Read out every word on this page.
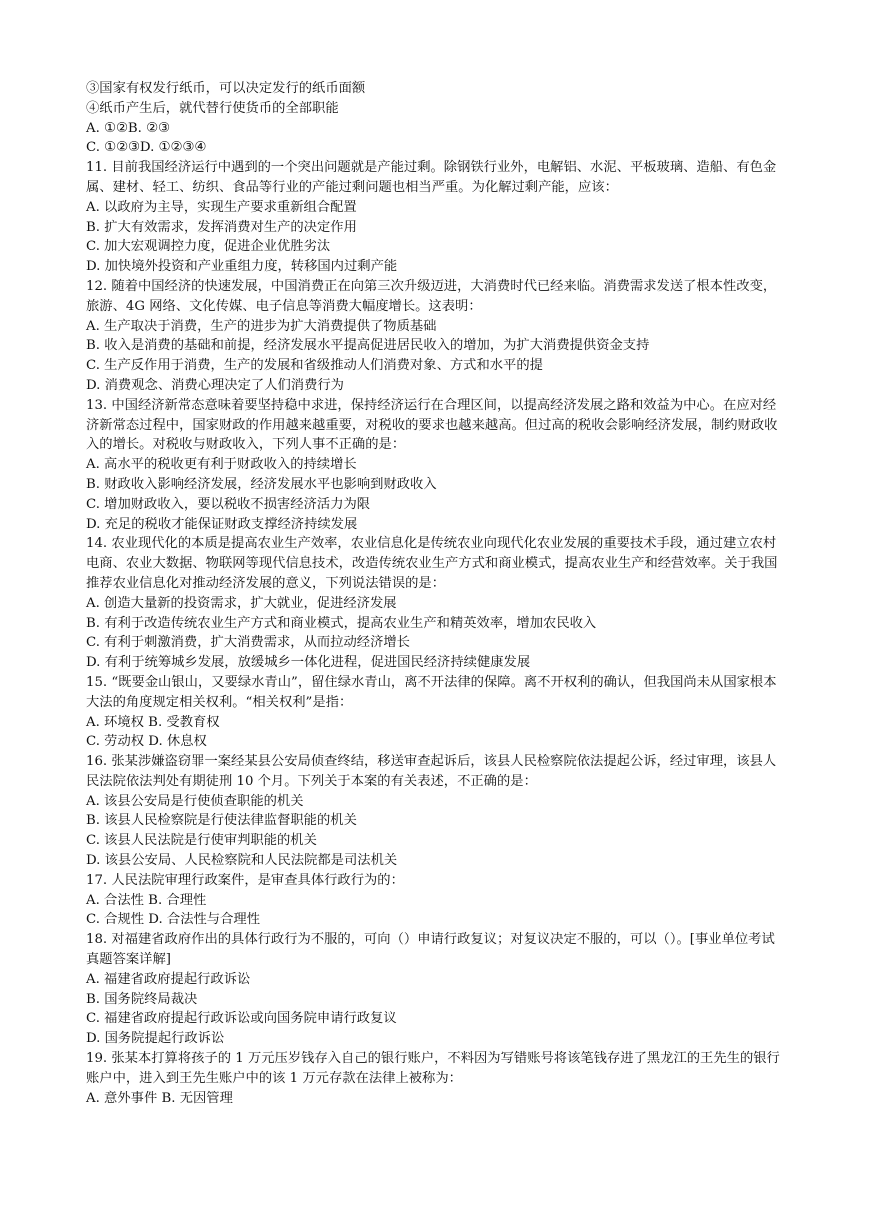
③国家有权发行纸币，可以决定发行的纸币面额
④纸币产生后，就代替行使货币的全部职能
A. ①②B. ②③
C. ①②③D. ①②③④
11. 目前我国经济运行中遇到的一个突出问题就是产能过剩。除钢铁行业外，电解铝、水泥、平板玻璃、造船、有色金属、建材、轻工、纺织、食品等行业的产能过剩问题也相当严重。为化解过剩产能，应该：
A. 以政府为主导，实现生产要求重新组合配置
B. 扩大有效需求，发挥消费对生产的决定作用
C. 加大宏观调控力度，促进企业优胜劣汰
D. 加快境外投资和产业重组力度，转移国内过剩产能
12. 随着中国经济的快速发展，中国消费正在向第三次升级迈进，大消费时代已经来临。消费需求发送了根本性改变，旅游、4G 网络、文化传媒、电子信息等消费大幅度增长。这表明：
A. 生产取决于消费，生产的进步为扩大消费提供了物质基础
B. 收入是消费的基础和前提，经济发展水平提高促进居民收入的增加，为扩大消费提供资金支持
C. 生产反作用于消费，生产的发展和省级推动人们消费对象、方式和水平的提
D. 消费观念、消费心理决定了人们消费行为
13. 中国经济新常态意味着要坚持稳中求进，保持经济运行在合理区间，以提高经济发展之路和效益为中心。在应对经济新常态过程中，国家财政的作用越来越重要，对税收的要求也越来越高。但过高的税收会影响经济发展，制约财政收入的增长。对税收与财政收入，下列人事不正确的是：
A. 高水平的税收更有利于财政收入的持续增长
B. 财政收入影响经济发展，经济发展水平也影响到财政收入
C. 增加财政收入，要以税收不损害经济活力为限
D. 充足的税收才能保证财政支撑经济持续发展
14. 农业现代化的本质是提高农业生产效率，农业信息化是传统农业向现代化农业发展的重要技术手段，通过建立农村电商、农业大数据、物联网等现代信息技术，改造传统农业生产方式和商业模式，提高农业生产和经营效率。关于我国推荐农业信息化对推动经济发展的意义，下列说法错误的是：
A. 创造大量新的投资需求，扩大就业，促进经济发展
B. 有利于改造传统农业生产方式和商业模式，提高农业生产和精英效率，增加农民收入
C. 有利于刺激消费，扩大消费需求，从而拉动经济增长
D. 有利于统筹城乡发展，放缓城乡一体化进程，促进国民经济持续健康发展
15. “既要金山银山，又要绿水青山”，留住绿水青山，离不开法律的保障。离不开权利的确认，但我国尚未从国家根本大法的角度规定相关权利。“相关权利”是指：
A. 环境权 B. 受教育权
C. 劳动权 D. 休息权
16. 张某涉嫌盗窃罪一案经某县公安局侦查终结，移送审查起诉后，该县人民检察院依法提起公诉，经过审理，该县人民法院依法判处有期徒刑 10 个月。下列关于本案的有关表述，不正确的是：
A. 该县公安局是行使侦查职能的机关
B. 该县人民检察院是行使法律监督职能的机关
C. 该县人民法院是行使审判职能的机关
D. 该县公安局、人民检察院和人民法院都是司法机关
17. 人民法院审理行政案件，是审查具体行政行为的：
A. 合法性 B. 合理性
C. 合规性 D. 合法性与合理性
18. 对福建省政府作出的具体行政行为不服的，可向（）申请行政复议；对复议决定不服的，可以（）。[事业单位考试真题答案详解]
A. 福建省政府提起行政诉讼
B. 国务院终局裁决
C. 福建省政府提起行政诉讼或向国务院申请行政复议
D. 国务院提起行政诉讼
19. 张某本打算将孩子的 1 万元压岁钱存入自己的银行账户，不料因为写错账号将该笔钱存进了黑龙江的王先生的银行账户中，进入到王先生账户中的该 1 万元存款在法律上被称为：
A. 意外事件 B. 无因管理
